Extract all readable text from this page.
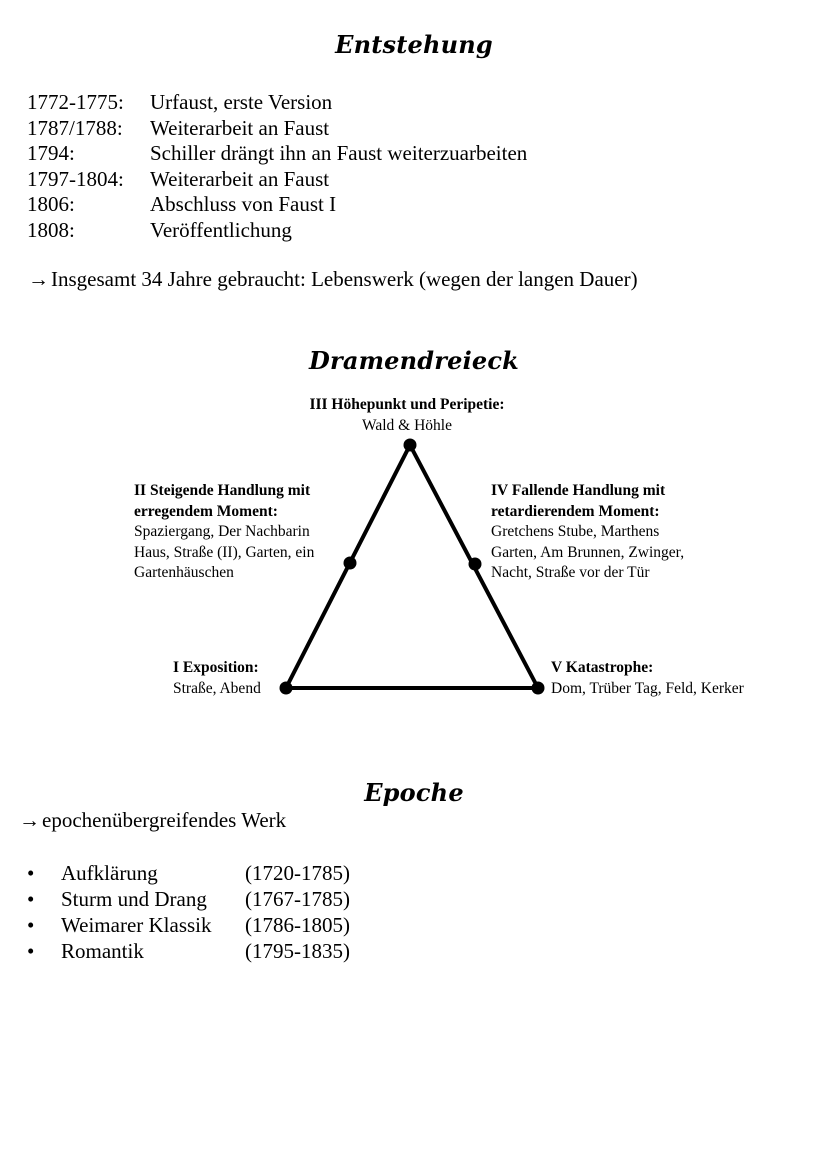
Entstehung
1772-1775: Urfaust, erste Version
1787/1788: Weiterarbeit an Faust
1794:	Schiller drängt ihn an Faust weiterzuarbeiten
1797-1804: Weiterarbeit an Faust
1806:	Abschluss von Faust I
1808:	Veröffentlichung
→Insgesamt 34 Jahre gebraucht: Lebenswerk (wegen der langen Dauer)
Dramendreieck
III Höhepunkt und Peripetie:
Wald & Höhle
II Steigende Handlung mit
erregendem Moment:
Spaziergang, Der Nachbarin
Haus, Straße (II), Garten, ein
Gartenhäuschen
IV Fallende Handlung mit
retardierendem Moment:
Gretchens Stube, Marthens
Garten, Am Brunnen, Zwinger,
Nacht, Straße vor der Tür
I Exposition:
Straße, Abend
V Katastrophe:
Dom, Trüber Tag, Feld, Kerker
Epoche
→epochenübergreifendes Werk
• Aufklärung	(1720-1785)
• Sturm und Drang (1767-1785)
• Weimarer Klassik (1786-1805)
• Romantik	(1795-1835)
